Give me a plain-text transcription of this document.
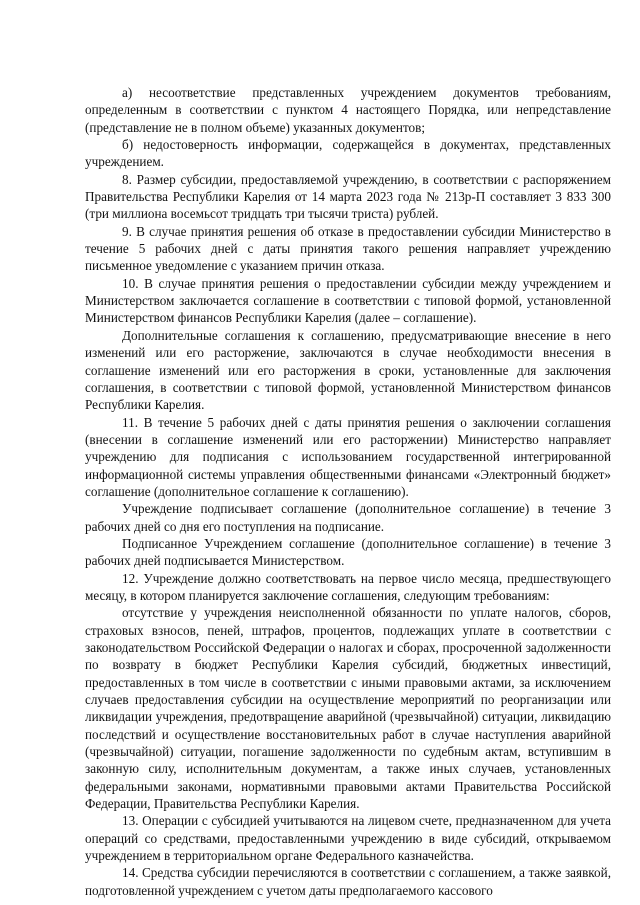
а) несоответствие представленных учреждением документов требованиям, определенным в соответствии с пунктом 4 настоящего Порядка, или непредставление (представление не в полном объеме) указанных документов;

б) недостоверность информации, содержащейся в документах, представленных учреждением.

8. Размер субсидии, предоставляемой учреждению, в соответствии с распоряжением Правительства Республики Карелия от 14 марта 2023 года № 213р-П составляет 3 833 300 (три миллиона восемьсот тридцать три тысячи триста) рублей.

9. В случае принятия решения об отказе в предоставлении субсидии Министерство в течение 5 рабочих дней с даты принятия такого решения направляет учреждению письменное уведомление с указанием причин отказа.

10. В случае принятия решения о предоставлении субсидии между учреждением и Министерством заключается соглашение в соответствии с типовой формой, установленной Министерством финансов Республики Карелия (далее – соглашение).

Дополнительные соглашения к соглашению, предусматривающие внесение в него изменений или его расторжение, заключаются в случае необходимости внесения в соглашение изменений или его расторжения в сроки, установленные для заключения соглашения, в соответствии с типовой формой, установленной Министерством финансов Республики Карелия.

11. В течение 5 рабочих дней с даты принятия решения о заключении соглашения (внесении в соглашение изменений или его расторжении) Министерство направляет учреждению для подписания с использованием государственной интегрированной информационной системы управления общественными финансами «Электронный бюджет» соглашение (дополнительное соглашение к соглашению).

Учреждение подписывает соглашение (дополнительное соглашение) в течение 3 рабочих дней со дня его поступления на подписание.

Подписанное Учреждением соглашение (дополнительное соглашение) в течение 3 рабочих дней подписывается Министерством.

12. Учреждение должно соответствовать на первое число месяца, предшествующего месяцу, в котором планируется заключение соглашения, следующим требованиям:

отсутствие у учреждения неисполненной обязанности по уплате налогов, сборов, страховых взносов, пеней, штрафов, процентов, подлежащих уплате в соответствии с законодательством Российской Федерации о налогах и сборах, просроченной задолженности по возврату в бюджет Республики Карелия субсидий, бюджетных инвестиций, предоставленных в том числе в соответствии с иными правовыми актами, за исключением случаев предоставления субсидии на осуществление мероприятий по реорганизации или ликвидации учреждения, предотвращение аварийной (чрезвычайной) ситуации, ликвидацию последствий и осуществление восстановительных работ в случае наступления аварийной (чрезвычайной) ситуации, погашение задолженности по судебным актам, вступившим в законную силу, исполнительным документам, а также иных случаев, установленных федеральными законами, нормативными правовыми актами Правительства Российской Федерации, Правительства Республики Карелия.

13. Операции с субсидией учитываются на лицевом счете, предназначенном для учета операций со средствами, предоставленными учреждению в виде субсидий, открываемом учреждением в территориальном органе Федерального казначейства.

14. Средства субсидии перечисляются в соответствии с соглашением, а также заявкой, подготовленной учреждением с учетом даты предполагаемого кассового
